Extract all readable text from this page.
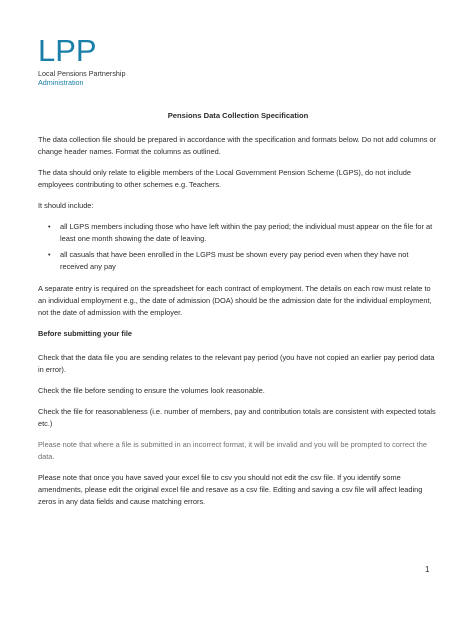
LPP
Local Pensions Partnership
Administration
Pensions Data Collection Specification

The data collection file should be prepared in accordance with the specification and formats below. Do not add columns or change header names. Format the columns as outlined.

The data should only relate to eligible members of the Local Government Pension Scheme (LGPS), do not include employees contributing to other schemes e.g. Teachers.

It should include:

• all LGPS members including those who have left within the pay period; the individual must appear on the file for at least one month showing the date of leaving.
• all casuals that have been enrolled in the LGPS must be shown every pay period even when they have not received any pay

A separate entry is required on the spreadsheet for each contract of employment. The details on each row must relate to an individual employment e.g., the date of admission (DOA) should be the admission date for the individual employment, not the date of admission with the employer.

Before submitting your file

Check that the data file you are sending relates to the relevant pay period (you have not copied an earlier pay period data in error).

Check the file before sending to ensure the volumes look reasonable.

Check the file for reasonableness (i.e. number of members, pay and contribution totals are consistent with expected totals etc.)

Please note that where a file is submitted in an incorrect format, it will be invalid and you will be prompted to correct the data.

Please note that once you have saved your excel file to csv you should not edit the csv file. If you identify some amendments, please edit the original excel file and resave as a csv file. Editing and saving a csv file will affect leading zeros in any data fields and cause matching errors.

1
